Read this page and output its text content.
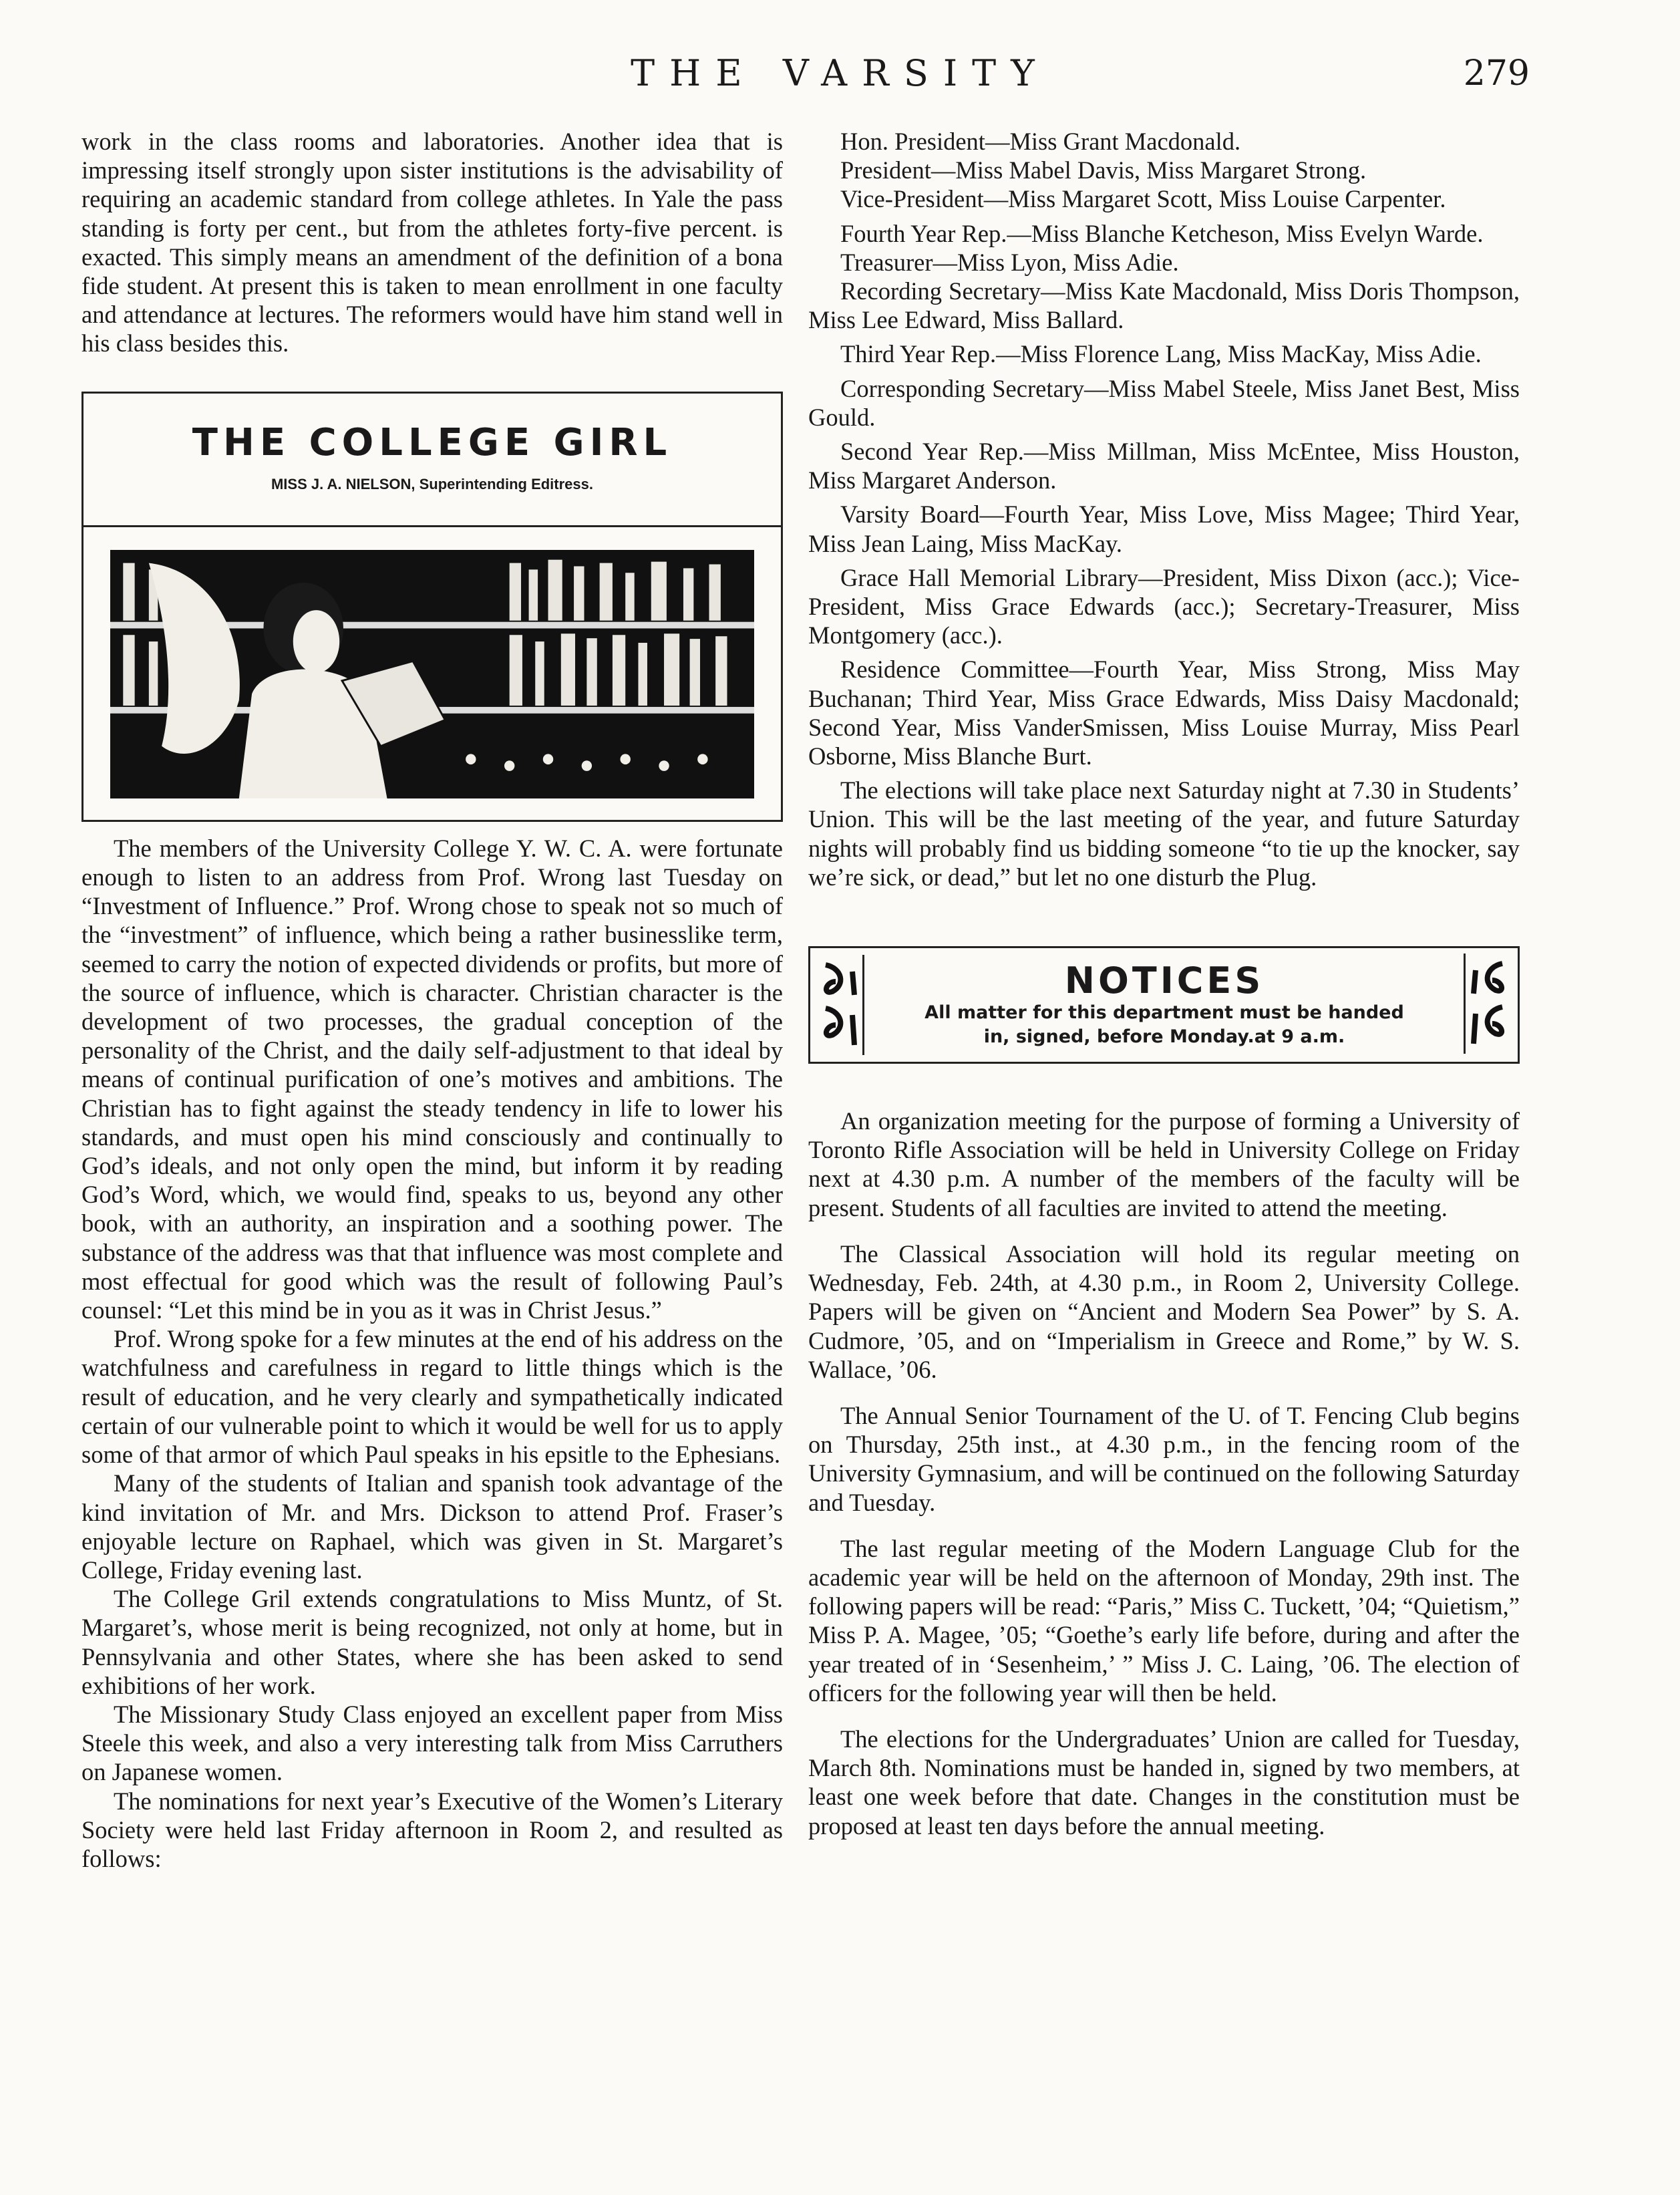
THE VARSITY	279

work in the class rooms and laboratories. Another idea that is impressing itself strongly upon sister institutions is the advisability of requiring an academic standard from college athletes. In Yale the pass standing is forty per cent., but from the athletes forty-five percent. is exacted. This simply means an amendment of the definition of a bona fide student. At present this is taken to mean enrollment in one faculty and attendance at lectures. The reformers would have him stand well in his class besides this.

THE COLLEGE GIRL
MISS J. A. NIELSON, Superintending Editress.

The members of the University College Y. W. C. A. were fortunate enough to listen to an address from Prof. Wrong last Tuesday on “Investment of Influence.” Prof. Wrong chose to speak not so much of the “investment” of influence, which being a rather businesslike term, seemed to carry the notion of expected dividends or profits, but more of the source of influence, which is character. Christian character is the development of two processes, the gradual conception of the personality of the Christ, and the daily self-adjustment to that ideal by means of continual purification of one’s motives and ambitions. The Christian has to fight against the steady tendency in life to lower his standards, and must open his mind consciously and continually to God’s ideals, and not only open the mind, but inform it by reading God’s Word, which, we would find, speaks to us, beyond any other book, with an authority, an inspiration and a soothing power. The substance of the address was that that influence was most complete and most effectual for good which was the result of following Paul’s counsel: “Let this mind be in you as it was in Christ Jesus.”

Prof. Wrong spoke for a few minutes at the end of his address on the watchfulness and carefulness in regard to little things which is the result of education, and he very clearly and sympathetically indicated certain of our vulnerable point to which it would be well for us to apply some of that armor of which Paul speaks in his epsitle to the Ephesians.

Many of the students of Italian and spanish took advantage of the kind invitation of Mr. and Mrs. Dickson to attend Prof. Fraser’s enjoyable lecture on Raphael, which was given in St. Margaret’s College, Friday evening last.

The College Gril extends congratulations to Miss Muntz, of St. Margaret’s, whose merit is being recognized, not only at home, but in Pennsylvania and other States, where she has been asked to send exhibitions of her work.

The Missionary Study Class enjoyed an excellent paper from Miss Steele this week, and also a very interesting talk from Miss Carruthers on Japanese women.

The nominations for next year’s Executive of the Women’s Literary Society were held last Friday afternoon in Room 2, and resulted as follows:

Hon. President—Miss Grant Macdonald.

President—Miss Mabel Davis, Miss Margaret Strong.

Vice-President—Miss Margaret Scott, Miss Louise Carpenter.

Fourth Year Rep.—Miss Blanche Ketcheson, Miss Evelyn Warde.

Treasurer—Miss Lyon, Miss Adie.

Recording Secretary—Miss Kate Macdonald, Miss Doris Thompson, Miss Lee Edward, Miss Ballard.

Third Year Rep.—Miss Florence Lang, Miss MacKay, Miss Adie.

Corresponding Secretary—Miss Mabel Steele, Miss Janet Best, Miss Gould.

Second Year Rep.—Miss Millman, Miss McEntee, Miss Houston, Miss Margaret Anderson.

Varsity Board—Fourth Year, Miss Love, Miss Magee; Third Year, Miss Jean Laing, Miss MacKay.

Grace Hall Memorial Library—President, Miss Dixon (acc.); Vice-President, Miss Grace Edwards (acc.); Secretary-Treasurer, Miss Montgomery (acc.).

Residence Committee—Fourth Year, Miss Strong, Miss May Buchanan; Third Year, Miss Grace Edwards, Miss Daisy Macdonald; Second Year, Miss VanderSmissen, Miss Louise Murray, Miss Pearl Osborne, Miss Blanche Burt.

The elections will take place next Saturday night at 7.30 in Students’ Union. This will be the last meeting of the year, and future Saturday nights will probably find us bidding someone “to tie up the knocker, say we’re sick, or dead,” but let no one disturb the Plug.

NOTICES
All matter for this department must be handed
in, signed, before Monday.at 9 a.m.

An organization meeting for the purpose of forming a University of Toronto Rifle Association will be held in University College on Friday next at 4.30 p.m. A number of the members of the faculty will be present. Students of all faculties are invited to attend the meeting.

The Classical Association will hold its regular meeting on Wednesday, Feb. 24th, at 4.30 p.m., in Room 2, University College. Papers will be given on “Ancient and Modern Sea Power” by S. A. Cudmore, ’05, and on “Imperialism in Greece and Rome,” by W. S. Wallace, ’06.

The Annual Senior Tournament of the U. of T. Fencing Club begins on Thursday, 25th inst., at 4.30 p.m., in the fencing room of the University Gymnasium, and will be continued on the following Saturday and Tuesday.

The last regular meeting of the Modern Language Club for the academic year will be held on the afternoon of Monday, 29th inst. The following papers will be read: “Paris,” Miss C. Tuckett, ’04; “Quietism,” Miss P. A. Magee, ’05; “Goethe’s early life before, during and after the year treated of in ‘Sesenheim,’ ” Miss J. C. Laing, ’06. The election of officers for the following year will then be held.

The elections for the Undergraduates’ Union are called for Tuesday, March 8th. Nominations must be handed in, signed by two members, at least one week before that date. Changes in the constitution must be proposed at least ten days before the annual meeting.
